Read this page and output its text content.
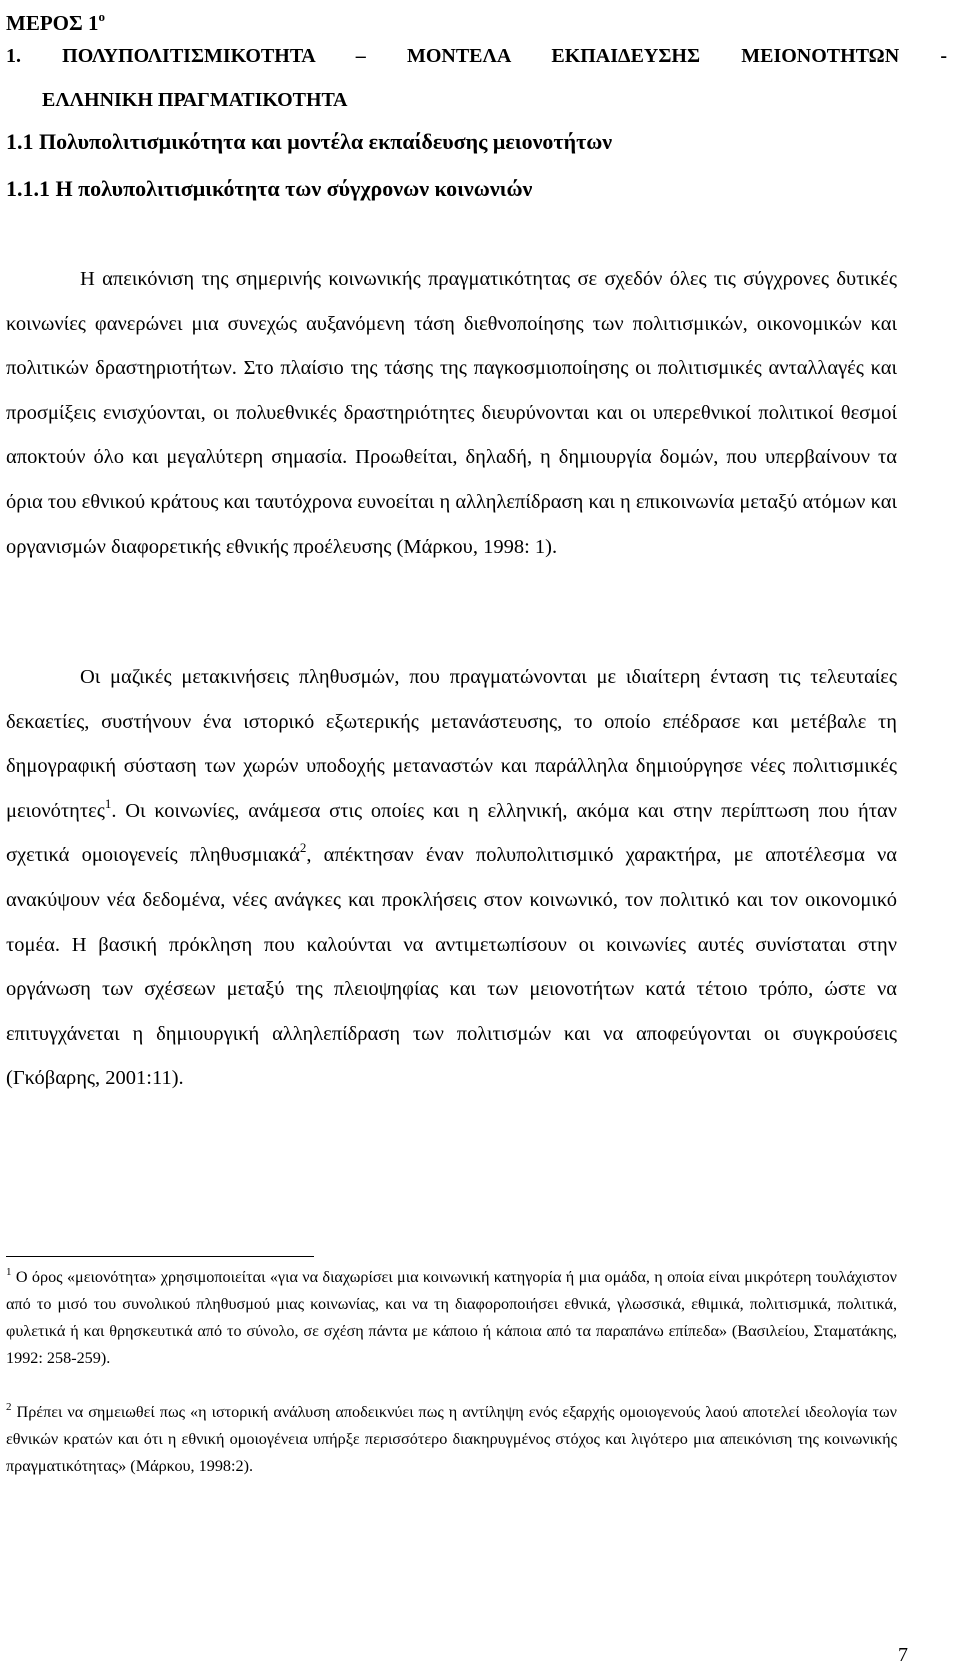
ΜΕΡΟΣ $1^o$
1. ΠΟΛΥΠΟΛΙΤΙΣΜΙΚΟΤΗΤΑ – ΜΟΝΤΕΛΑ ΕΚΠΑΙΔΕΥΣΗΣ ΜΕΙΟΝΟΤΗΤΩΝ -
ΕΛΛΗΝΙΚΗ ΠΡΑΓΜΑΤΙΚΟΤΗΤΑ
1.1 Πολυπολιτισμικότητα και μοντέλα εκπαίδευσης μειονοτήτων
1.1.1 Η πολυπολιτισμικότητα των σύγχρονων κοινωνιών

Η απεικόνιση της σημερινής κοινωνικής πραγματικότητας σε σχεδόν όλες τις σύγχρονες δυτικές κοινωνίες φανερώνει μια συνεχώς αυξανόμενη τάση διεθνοποίησης των πολιτισμικών, οικονομικών και πολιτικών δραστηριοτήτων. Στο πλαίσιο της τάσης της παγκοσμιοποίησης οι πολιτισμικές ανταλλαγές και προσμίξεις ενισχύονται, οι πολυεθνικές δραστηριότητες διευρύνονται και οι υπερεθνικοί πολιτικοί θεσμοί αποκτούν όλο και μεγαλύτερη σημασία. Προωθείται, δηλαδή, η δημιουργία δομών, που υπερβαίνουν τα όρια του εθνικού κράτους και ταυτόχρονα ευνοείται η αλληλεπίδραση και η επικοινωνία μεταξύ ατόμων και οργανισμών διαφορετικής εθνικής προέλευσης (Μάρκου, 1998: 1).

Οι μαζικές μετακινήσεις πληθυσμών, που πραγματώνονται με ιδιαίτερη ένταση τις τελευταίες δεκαετίες, συστήνουν ένα ιστορικό εξωτερικής μετανάστευσης, το οποίο επέδρασε και μετέβαλε τη δημογραφική σύσταση των χωρών υποδοχής μεταναστών και παράλληλα δημιούργησε νέες πολιτισμικές μειονότητες$^1$. Οι κοινωνίες, ανάμεσα στις οποίες και η ελληνική, ακόμα και στην περίπτωση που ήταν σχετικά ομοιογενείς πληθυσμιακά$^2$, απέκτησαν έναν πολυπολιτισμικό χαρακτήρα, με αποτέλεσμα να ανακύψουν νέα δεδομένα, νέες ανάγκες και προκλήσεις στον κοινωνικό, τον πολιτικό και τον οικονομικό τομέα. Η βασική πρόκληση που καλούνται να αντιμετωπίσουν οι κοινωνίες αυτές συνίσταται στην οργάνωση των σχέσεων μεταξύ της πλειοψηφίας και των μειονοτήτων κατά τέτοιο τρόπο, ώστε να επιτυγχάνεται η δημιουργική αλληλεπίδραση των πολιτισμών και να αποφεύγονται οι συγκρούσεις (Γκόβαρης, 2001:11).

$^1$ Ο όρος «μειονότητα» χρησιμοποιείται «για να διαχωρίσει μια κοινωνική κατηγορία ή μια ομάδα, η οποία είναι μικρότερη τουλάχιστον από το μισό του συνολικού πληθυσμού μιας κοινωνίας, και να τη διαφοροποιήσει εθνικά, γλωσσικά, εθιμικά, πολιτισμικά, πολιτικά, φυλετικά ή και θρησκευτικά από το σύνολο, σε σχέση πάντα με κάποιο ή κάποια από τα παραπάνω επίπεδα» (Βασιλείου, Σταματάκης, 1992: 258-259).

$^2$ Πρέπει να σημειωθεί πως «η ιστορική ανάλυση αποδεικνύει πως η αντίληψη ενός εξαρχής ομοιογενούς λαού αποτελεί ιδεολογία των εθνικών κρατών και ότι η εθνική ομοιογένεια υπήρξε περισσότερο διακηρυγμένος στόχος και λιγότερο μια απεικόνιση της κοινωνικής πραγματικότητας» (Μάρκου, 1998:2).

7
